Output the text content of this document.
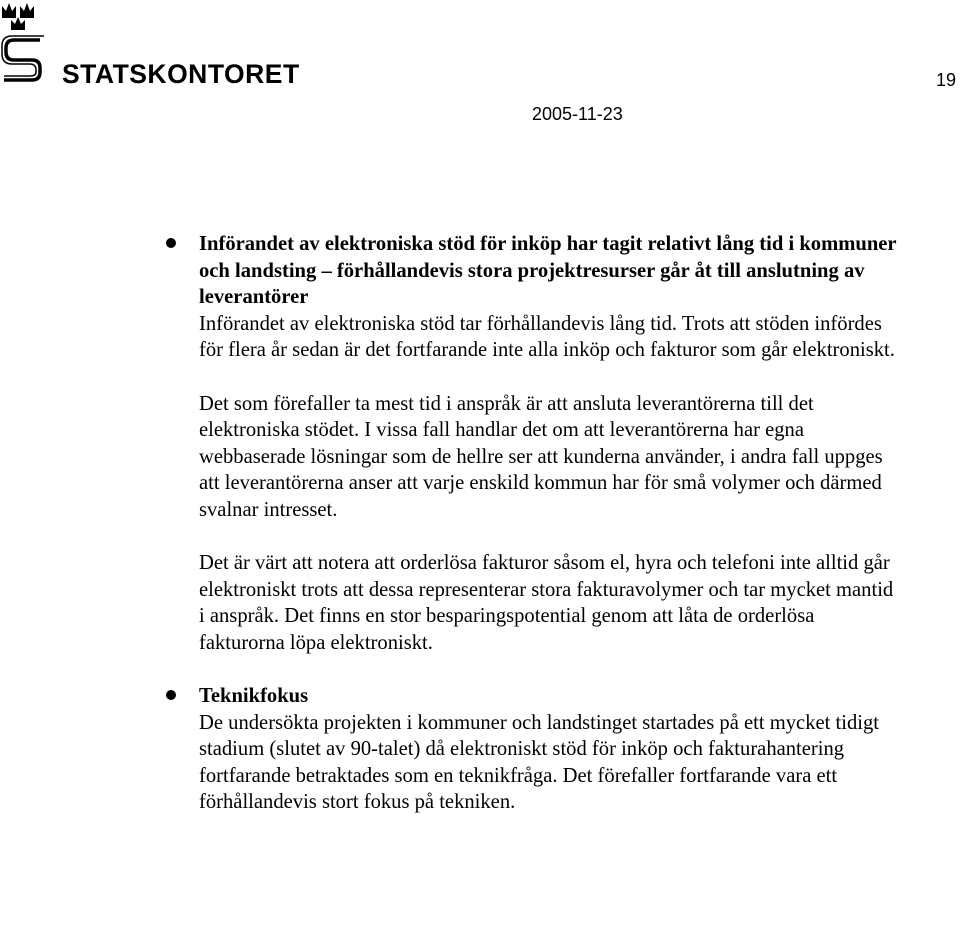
STATSKONTORET	19
2005-11-23
Införandet av elektroniska stöd för inköp har tagit relativt lång tid i kommuner och landsting – förhållandevis stora projektresurser går åt till anslutning av leverantörer

Införandet av elektroniska stöd tar förhållandevis lång tid. Trots att stöden infördes för flera år sedan är det fortfarande inte alla inköp och fakturor som går elektroniskt.

Det som förefaller ta mest tid i anspråk är att ansluta leverantörerna till det elektroniska stödet. I vissa fall handlar det om att leverantörerna har egna webbaserade lösningar som de hellre ser att kunderna använder, i andra fall uppges att leverantörerna anser att varje enskild kommun har för små volymer och därmed svalnar intresset.

Det är värt att notera att orderlösa fakturor såsom el, hyra och telefoni inte alltid går elektroniskt trots att dessa representerar stora fakturavolymer och tar mycket mantid i anspråk. Det finns en stor besparingspotential genom att låta de orderlösa fakturorna löpa elektroniskt.

Teknikfokus

De undersökta projekten i kommuner och landstinget startades på ett mycket tidigt stadium (slutet av 90-talet) då elektroniskt stöd för inköp och fakturahantering fortfarande betraktades som en teknikfråga. Det förefaller fortfarande vara ett förhållandevis stort fokus på tekniken.
